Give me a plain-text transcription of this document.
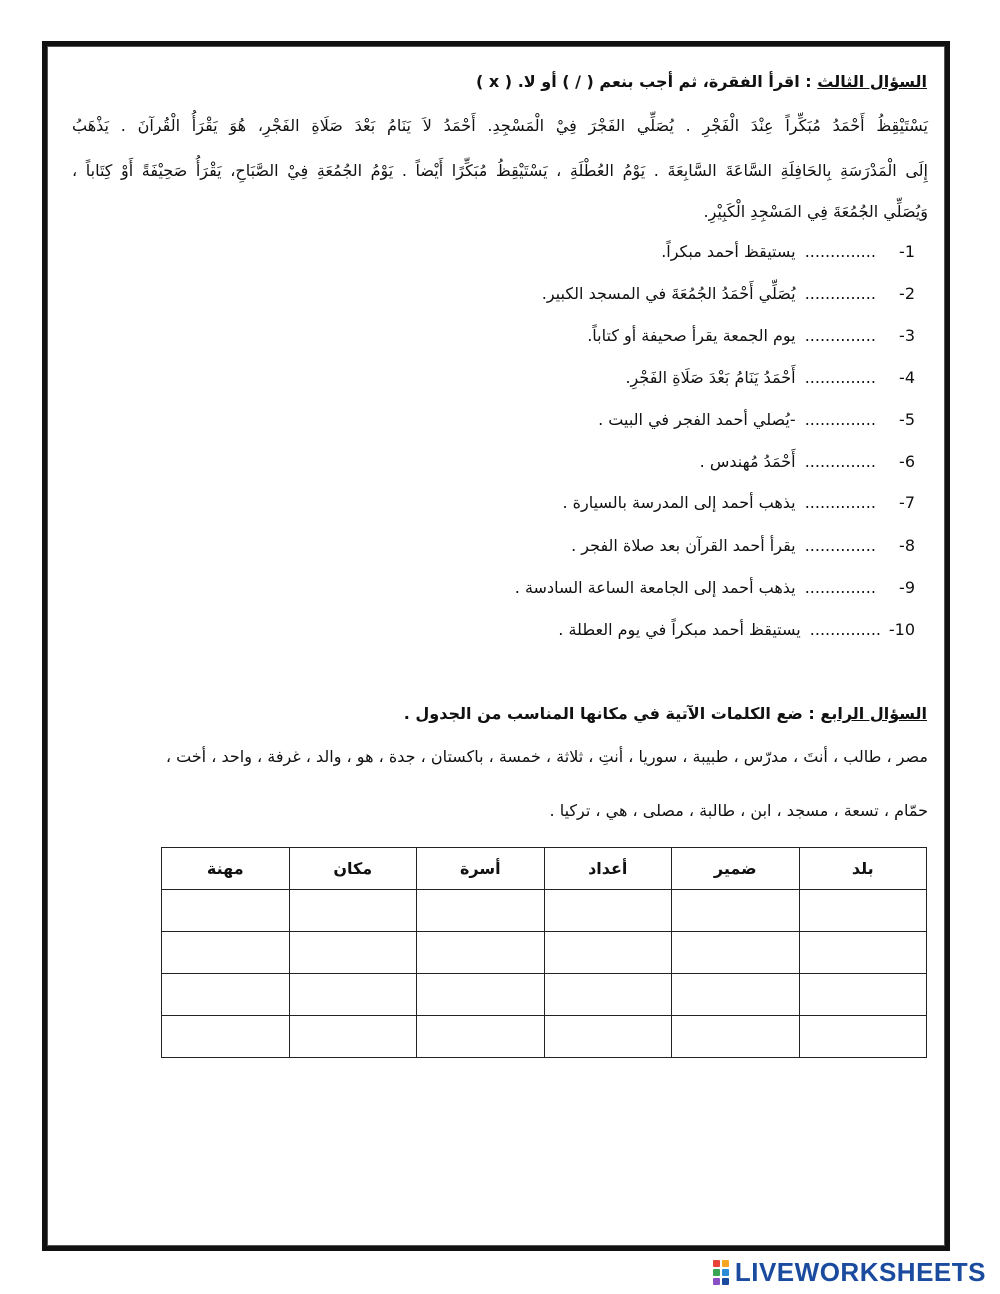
السؤال الثالث : اقرأ الفقرة، ثم أجب بنعم ( / ) أو لا. ( x )
يَسْتَيْقِظُ أَحْمَدُ مُبَكِّراً عِنْدَ الْفَجْرِ . يُصَلِّي الفَجْرَ فِيْ الْمَسْجِدِ. أَحْمَدُ لاَ يَنَامُ بَعْدَ صَلَاةِ الفَجْرِ، هُوَ يَقْرَأُ الْقُرآنَ . يَذْهَبُ
إِلَى الْمَدْرَسَةِ بِالحَافِلَةِ السَّاعَةَ السَّابِعَةَ . يَوْمُ العُطْلَةِ ، يَسْتَيْقِظُ مُبَكِّرًا أَيْضاً . يَوْمُ الجُمُعَةِ فِيْ الصَّبَاحِ، يَقْرَأُ صَحِيْفَةً أَوْ كِتَاباً ،
وَيُصَلِّي الجُمُعَةَ فِي المَسْجِدِ الْكَبِيْرِ.
1- .............. يستيقظ أحمد مبكراً.
2- .............. يُصَلِّي أَحْمَدُ الجُمُعَةَ في المسجد الكبير.
3- .............. يوم الجمعة يقرأ صحيفة أو كتاباً.
4- .............. أَحْمَدُ يَنَامُ بَعْدَ صَلَاةِ الفَجْرِ.
5- .............. -يُصلي أحمد الفجر في البيت .
6- .............. أَحْمَدُ مُهندس .
7- .............. يذهب أحمد إلى المدرسة بالسيارة .
8- .............. يقرأ أحمد القرآن بعد صلاة الفجر .
9- .............. يذهب أحمد إلى الجامعة الساعة السادسة .
10-.............. يستيقظ أحمد مبكراً في يوم العطلة .
السؤال الرابع : ضع الكلمات الآتية في مكانها المناسب من الجدول .
مصر ، طالب ، أنتَ ، مدرّس ، طبيبة ، سوريا ، أنتِ ، ثلاثة ، خمسة ، باكستان ، جدة ، هو ، والد ، غرفة ، واحد ، أخت ،
حمّام ، تسعة ، مسجد ، ابن ، طالبة ، مصلى ، هي ، تركيا .
بلد	ضمير	أعداد	أسرة	مكان	مهنة

LIVEWORKSHEETS
